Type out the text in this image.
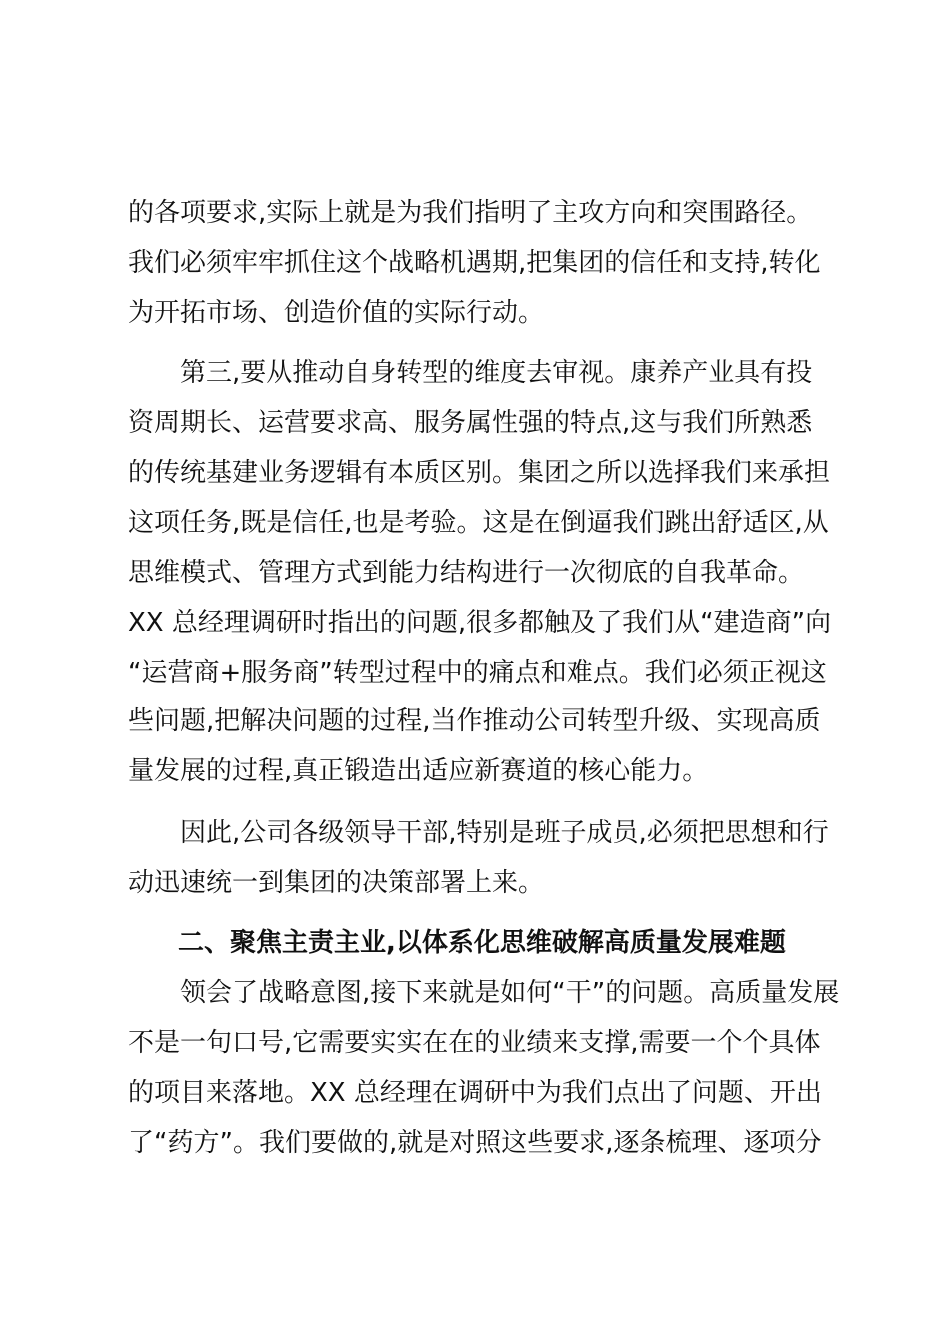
的各项要求,实际上就是为我们指明了主攻方向和突围路径。
我们必须牢牢抓住这个战略机遇期,把集团的信任和支持,转化
为开拓市场、创造价值的实际行动。
　　第三,要从推动自身转型的维度去审视。康养产业具有投
资周期长、运营要求高、服务属性强的特点,这与我们所熟悉
的传统基建业务逻辑有本质区别。集团之所以选择我们来承担
这项任务,既是信任,也是考验。这是在倒逼我们跳出舒适区,从
思维模式、管理方式到能力结构进行一次彻底的自我革命。
XX 总经理调研时指出的问题,很多都触及了我们从“建造商”向
“运营商+服务商”转型过程中的痛点和难点。我们必须正视这
些问题,把解决问题的过程,当作推动公司转型升级、实现高质
量发展的过程,真正锻造出适应新赛道的核心能力。
　　因此,公司各级领导干部,特别是班子成员,必须把思想和行
动迅速统一到集团的决策部署上来。
二、聚焦主责主业,以体系化思维破解高质量发展难题
　　领会了战略意图,接下来就是如何“干”的问题。高质量发展
不是一句口号,它需要实实在在的业绩来支撑,需要一个个具体
的项目来落地。XX 总经理在调研中为我们点出了问题、开出
了“药方”。我们要做的,就是对照这些要求,逐条梳理、逐项分
